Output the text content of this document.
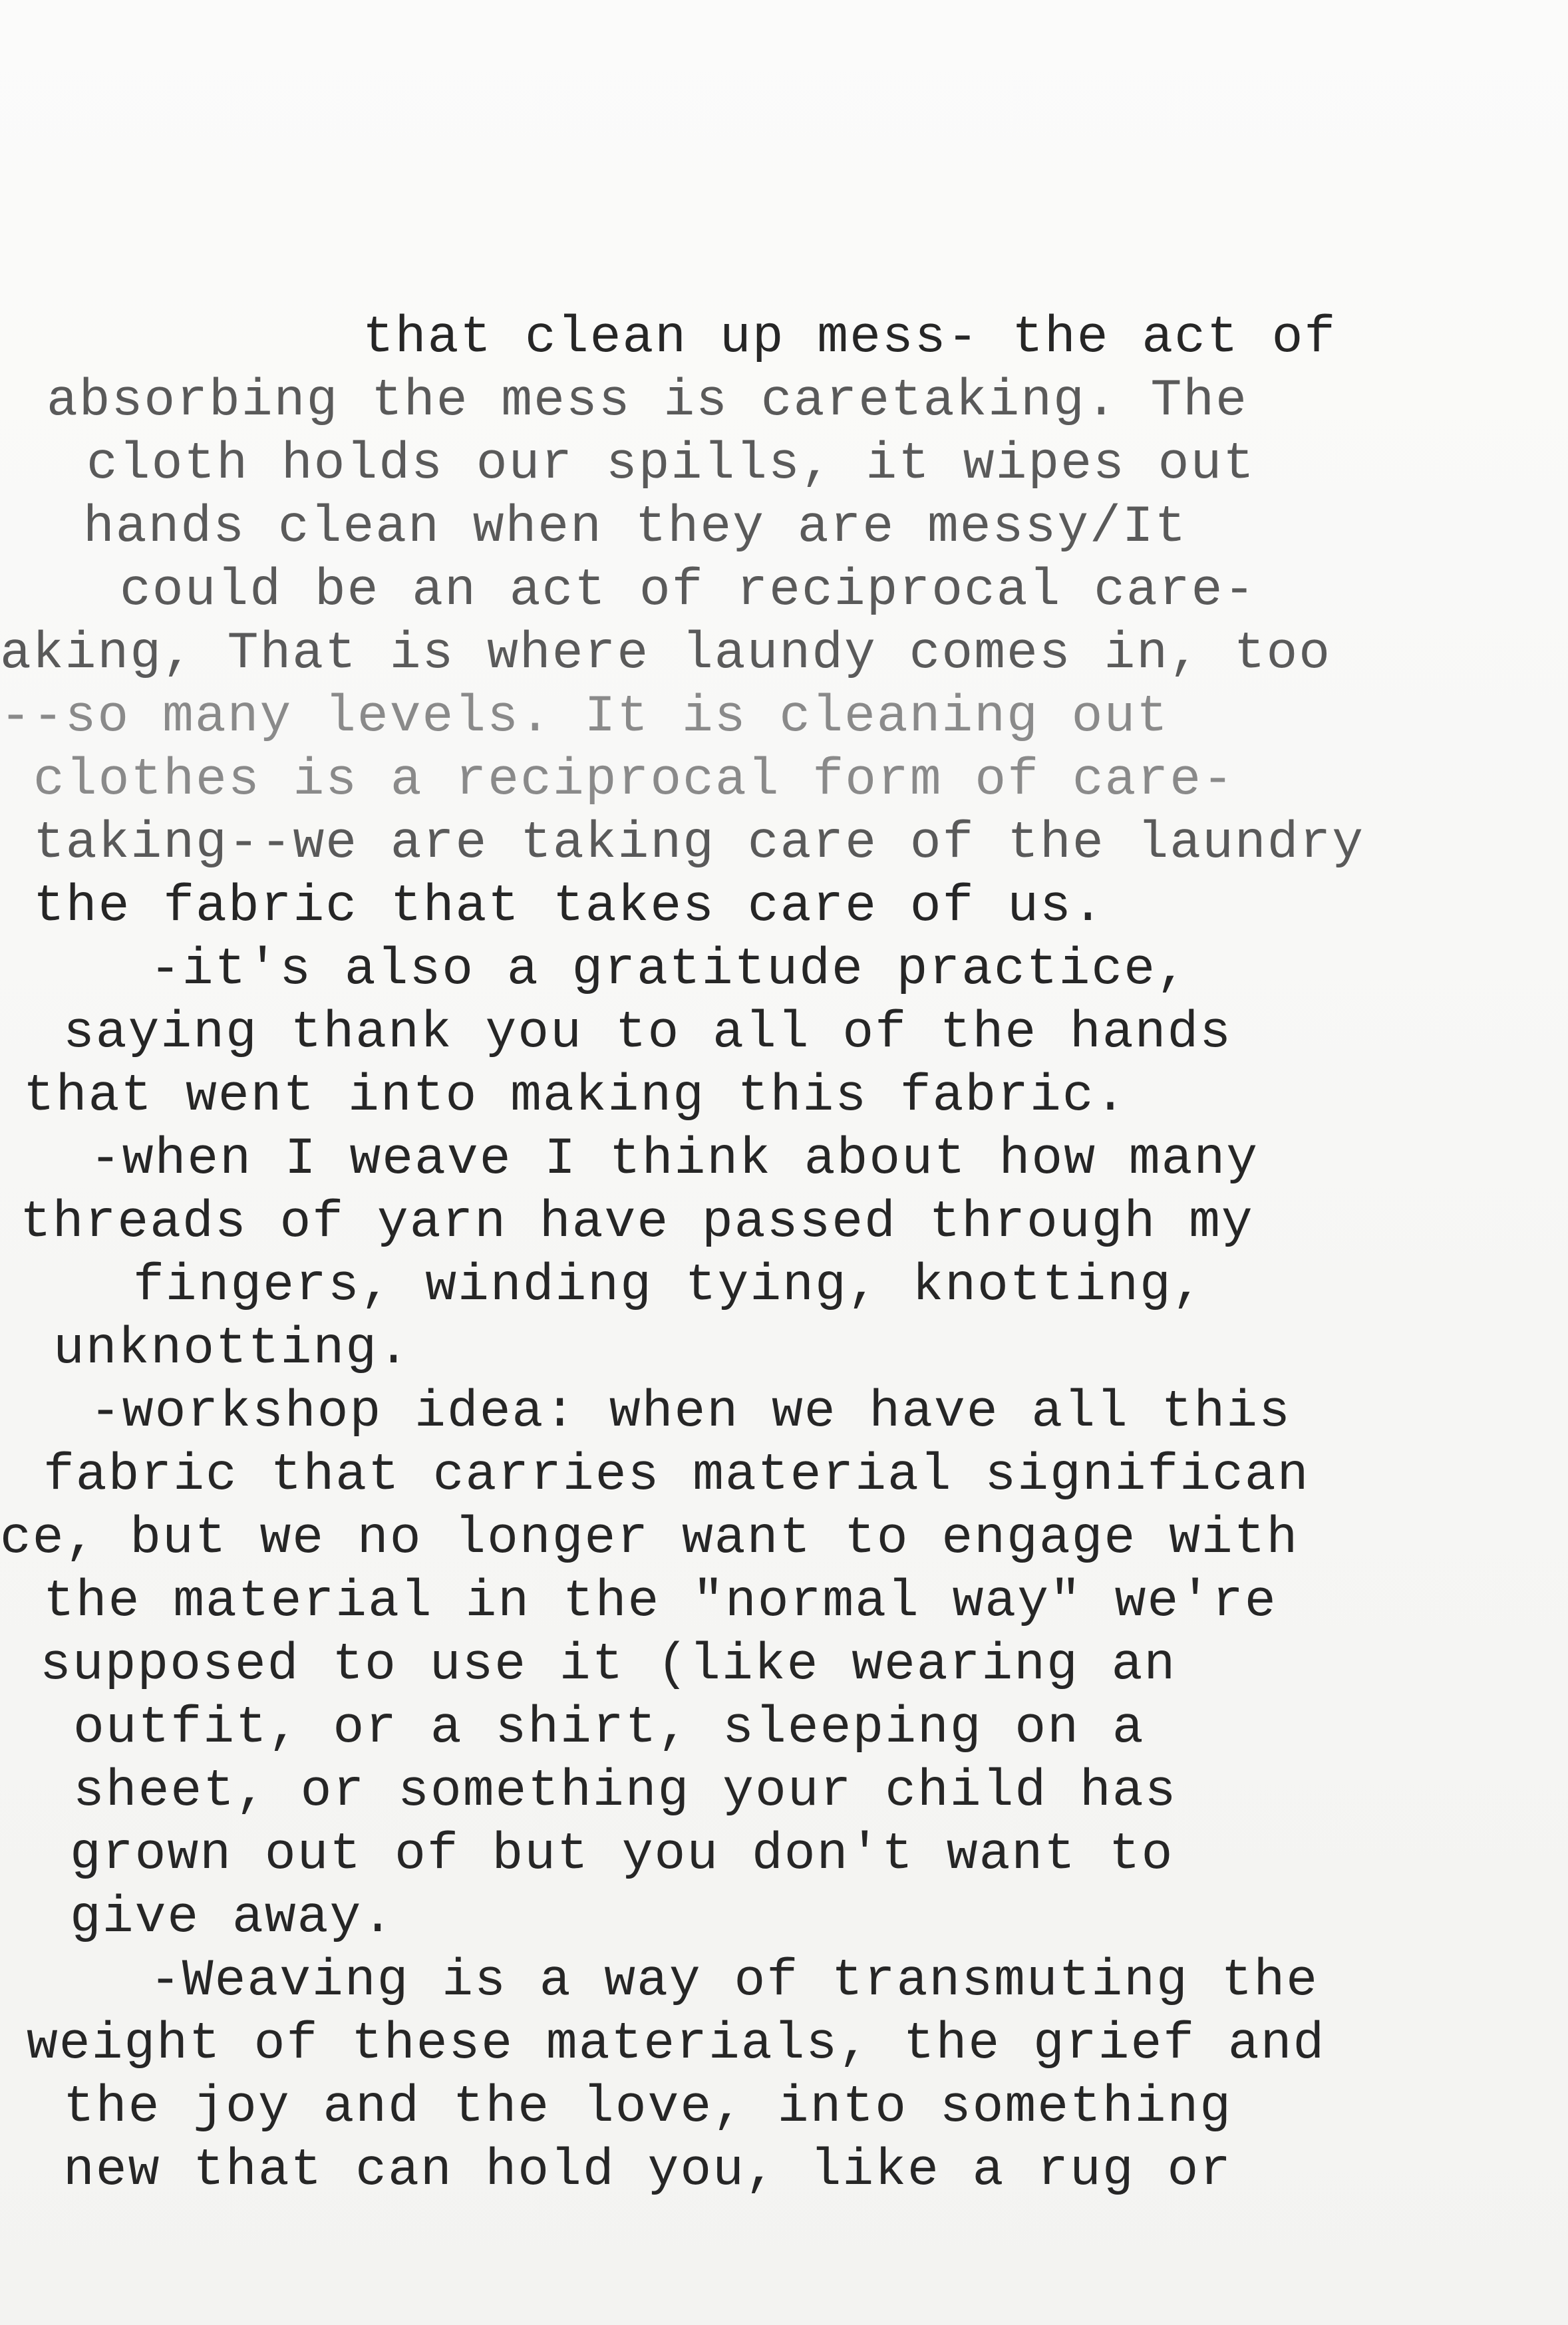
that clean up mess- the act of

absorbing the mess is caretaking. The

cloth holds our spills, it wipes out

hands clean when they are messy/It

could be an act of reciprocal care-

aking, That is where laundy comes in, too

--so many levels. It is cleaning out

clothes is a reciprocal form of care-

taking--we are taking care of the laundry

the fabric that takes care of us.

-it's also a gratitude practice,

saying thank you to all of the hands

that went into making this fabric.

-when I weave I think about how many

threads of yarn have passed through my

fingers, winding tying, knotting,

unknotting.

-workshop idea: when we have all this

fabric that carries material significan

ce, but we no longer want to engage with

the material in the "normal way" we're

supposed to use it (like wearing an

outfit, or a shirt, sleeping on a

sheet, or something your child has

grown out of but you don't want to

give away.

-Weaving is a way of transmuting the

weight of these materials, the grief and

the joy and the love, into something

new that can hold you, like a rug or
